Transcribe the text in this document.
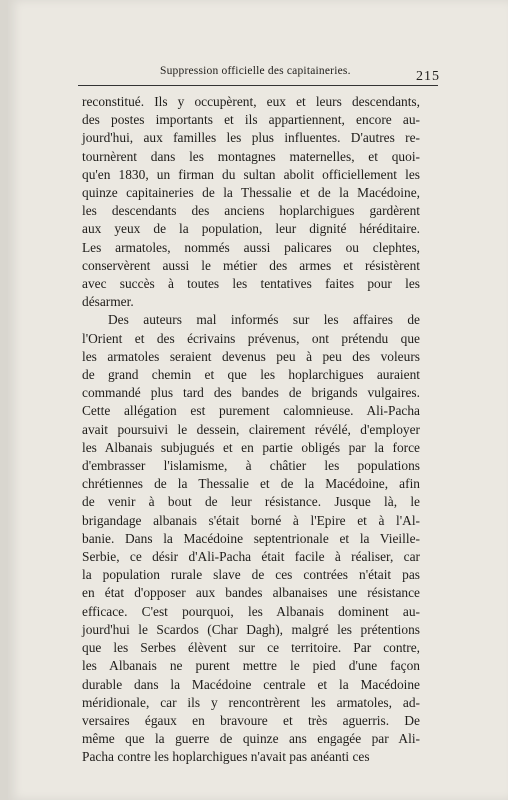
Suppression officielle des capitaineries.	215
reconstitué. Ils y occupèrent, eux et leurs descendants,
des postes importants et ils appartiennent, encore au-
jourd'hui, aux familles les plus influentes. D'autres re-
tournèrent dans les montagnes maternelles, et quoi-
qu'en 1830, un firman du sultan abolit officiellement les
quinze capitaineries de la Thessalie et de la Macédoine,
les descendants des anciens hoplarchigues gardèrent
aux yeux de la population, leur dignité héréditaire.
Les armatoles, nommés aussi palicares ou clephtes,
conservèrent aussi le métier des armes et résistèrent
avec succès à toutes les tentatives faites pour les
désarmer.
Des auteurs mal informés sur les affaires de
l'Orient et des écrivains prévenus, ont prétendu que
les armatoles seraient devenus peu à peu des voleurs
de grand chemin et que les hoplarchigues auraient
commandé plus tard des bandes de brigands vulgaires.
Cette allégation est purement calomnieuse. Ali-Pacha
avait poursuivi le dessein, clairement révélé, d'employer
les Albanais subjugués et en partie obligés par la force
d'embrasser l'islamisme, à châtier les populations
chrétiennes de la Thessalie et de la Macédoine, afin
de venir à bout de leur résistance. Jusque là, le
brigandage albanais s'était borné à l'Epire et à l'Al-
banie. Dans la Macédoine septentrionale et la Vieille-
Serbie, ce désir d'Ali-Pacha était facile à réaliser, car
la population rurale slave de ces contrées n'était pas
en état d'opposer aux bandes albanaises une résistance
efficace. C'est pourquoi, les Albanais dominent au-
jourd'hui le Scardos (Char Dagh), malgré les prétentions
que les Serbes élèvent sur ce territoire. Par contre,
les Albanais ne purent mettre le pied d'une façon
durable dans la Macédoine centrale et la Macédoine
méridionale, car ils y rencontrèrent les armatoles, ad-
versaires égaux en bravoure et très aguerris. De
même que la guerre de quinze ans engagée par Ali-
Pacha contre les hoplarchigues n'avait pas anéanti ces
